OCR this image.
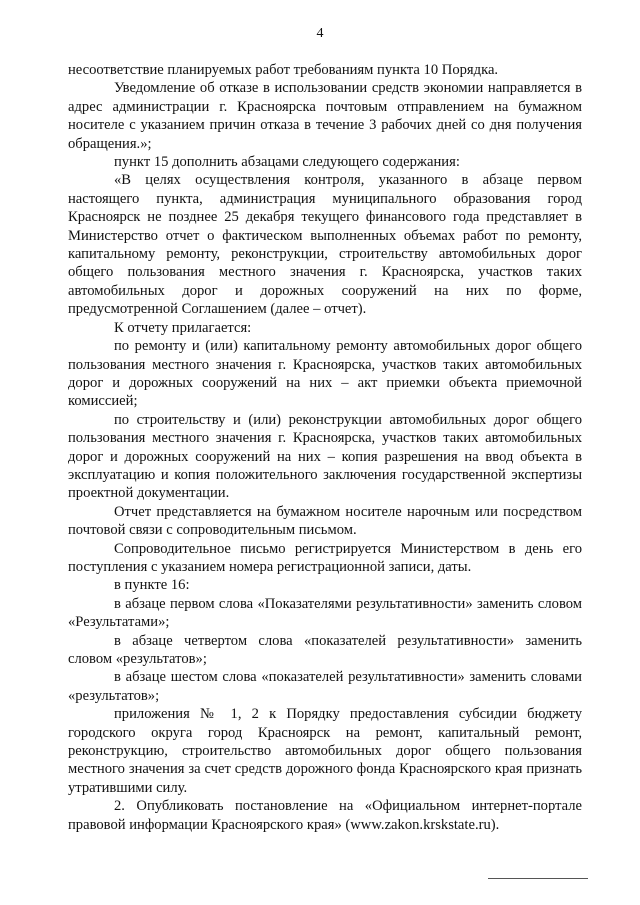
4

несоответствие планируемых работ требованиям пункта 10 Порядка.

Уведомление об отказе в использовании средств экономии направляется в адрес администрации г. Красноярска почтовым отправлением на бумажном носителе с указанием причин отказа в течение 3 рабочих дней со дня получения обращения.»;

пункт 15 дополнить абзацами следующего содержания:

«В целях осуществления контроля, указанного в абзаце первом настоящего пункта, администрация муниципального образования город Красноярск не позднее 25 декабря текущего финансового года представляет в Министерство отчет о фактическом выполненных объемах работ по ремонту, капитальному ремонту, реконструкции, строительству автомобильных дорог общего пользования местного значения г. Красноярска, участков таких автомобильных дорог и дорожных сооружений на них по форме, предусмотренной Соглашением (далее – отчет).

К отчету прилагается:

по ремонту и (или) капитальному ремонту автомобильных дорог общего пользования местного значения г. Красноярска, участков таких автомобильных дорог и дорожных сооружений на них – акт приемки объекта приемочной комиссией;

по строительству и (или) реконструкции автомобильных дорог общего пользования местного значения г. Красноярска, участков таких автомобильных дорог и дорожных сооружений на них – копия разрешения на ввод объекта в эксплуатацию и копия положительного заключения государственной экспертизы проектной документации.

Отчет представляется на бумажном носителе нарочным или посредством почтовой связи с сопроводительным письмом.

Сопроводительное письмо регистрируется Министерством в день его поступления с указанием номера регистрационной записи, даты.

в пункте 16:

в абзаце первом слова «Показателями результативности» заменить словом «Результатами»;

в абзаце четвертом слова «показателей результативности» заменить словом «результатов»;

в абзаце шестом слова «показателей результативности» заменить словами «результатов»;

приложения № 1, 2 к Порядку предоставления субсидии бюджету городского округа город Красноярск на ремонт, капитальный ремонт, реконструкцию, строительство автомобильных дорог общего пользования местного значения за счет средств дорожного фонда Красноярского края признать утратившими силу.

2. Опубликовать постановление на «Официальном интернет-портале правовой информации Красноярского края» (www.zakon.krskstate.ru).
